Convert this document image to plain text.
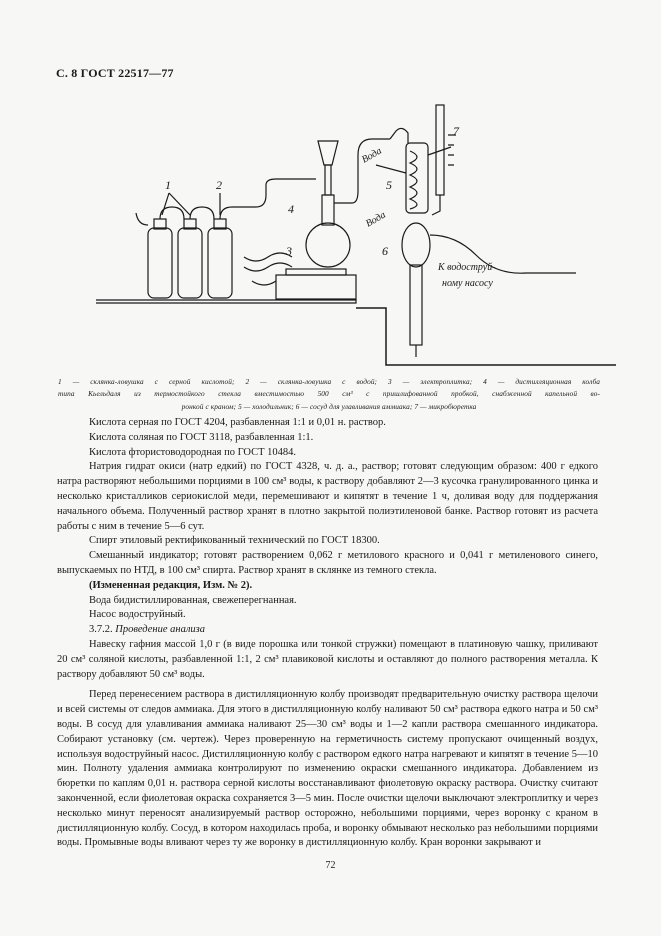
С. 8 ГОСТ 22517—77
1	2
3
4
5
6
7
Вода
Вода
К водоструй-
ному насосу
1 — склянка-ловушка с серной кислотой; 2 — склянка-ловушка с водой; 3 — электроплитка; 4 — дистилляционная колба
типа Кьельдаля из термостойкого стекла вместимостью 500 см³ с пришлифованной пробкой, снабженной капельной во-
ронкой с краном; 5 — холодильник; 6 — сосуд для улавливания аммиака; 7 — микробюретка

Кислота серная по ГОСТ 4204, разбавленная 1:1 и 0,01 н. раствор.

Кислота соляная по ГОСТ 3118, разбавленная 1:1.

Кислота фтористоводородная по ГОСТ 10484.

Натрия гидрат окиси (натр едкий) по ГОСТ 4328, ч. д. а., раствор; готовят следующим образом: 400 г едкого натра растворяют небольшими порциями в 100 см³ воды, к раствору добавляют 2—3 кусочка гранулированного цинка и несколько кристалликов сериокислой меди, перемешивают и кипятят в течение 1 ч, доливая воду для поддержания начального объема. Полученный раствор хранят в плотно закрытой полиэтиленовой банке. Раствор готовят из расчета работы с ним в течение 5—6 сут.

Спирт этиловый ректификованный технический по ГОСТ 18300.

Смешанный индикатор; готовят растворением 0,062 г метилового красного и 0,041 г метиленового синего, выпускаемых по НТД, в 100 см³ спирта. Раствор хранят в склянке из темного стекла.

(Измененная редакция, Изм. № 2).

Вода бидистиллированная, свежеперегнанная.

Насос водоструйный.

3.7.2. Проведение анализа

Навеску гафния массой 1,0 г (в виде порошка или тонкой стружки) помещают в платиновую чашку, приливают 20 см³ соляной кислоты, разбавленной 1:1, 2 см³ плавиковой кислоты и оставляют до полного растворения металла. К раствору добавляют 50 см³ воды.

Перед перенесением раствора в дистилляционную колбу производят предварительную очистку раствора щелочи и всей системы от следов аммиака. Для этого в дистилляционную колбу наливают 50 см³ раствора едкого натра и 50 см³ воды. В сосуд для улавливания аммиака наливают 25—30 см³ воды и 1—2 капли раствора смешанного индикатора. Собирают установку (см. чертеж). Через проверенную на герметичность систему пропускают очищенный воздух, используя водоструйный насос. Дистилляционную колбу с раствором едкого натра нагревают и кипятят в течение 5—10 мин. Полноту удаления аммиака контролируют по изменению окраски смешанного индикатора. Добавлением из бюретки по каплям 0,01 н. раствора серной кислоты восстанавливают фиолетовую окраску раствора. Очистку считают законченной, если фиолетовая окраска сохраняется 3—5 мин. После очистки щелочи выключают электроплитку и через несколько минут переносят анализируемый раствор осторожно, небольшими порциями, через воронку с краном в дистилляционную колбу. Сосуд, в котором находилась проба, и воронку обмывают несколько раз небольшими порциями воды. Промывные воды вливают через ту же воронку в дистилляционную колбу. Кран воронки закрывают и

72
